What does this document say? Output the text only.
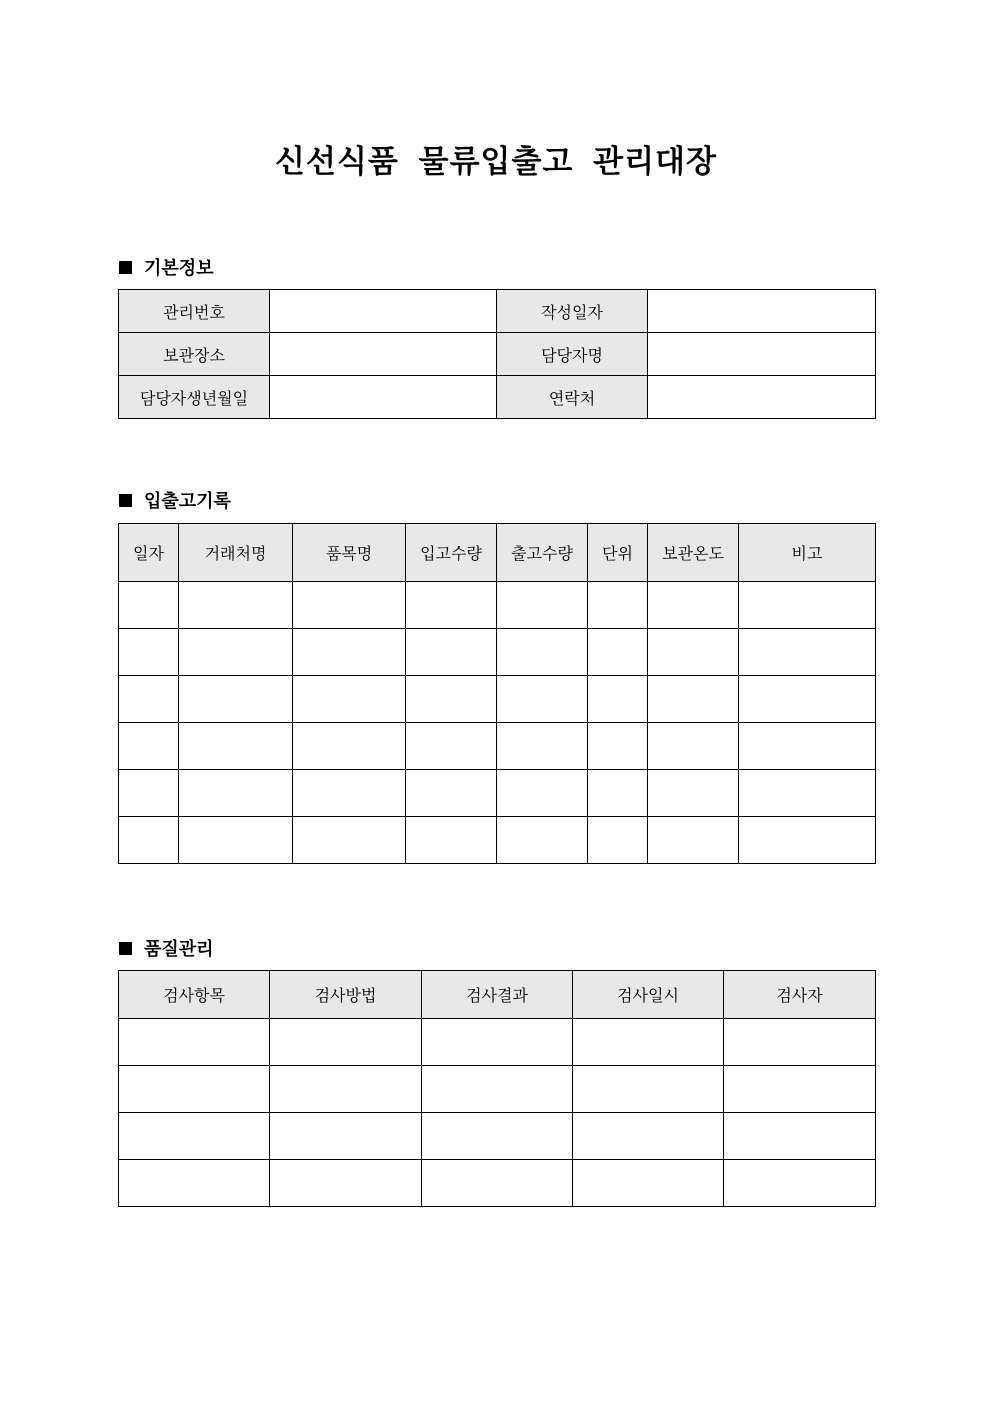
신선식품 물류입출고 관리대장
기본정보
관리번호		작성일자	
보관장소		담당자명	
담당자생년월일		연락처	
입출고기록
일자	거래처명	품목명	입고수량	출고수량	단위	보관온도	비고

품질관리
검사항목	검사방법	검사결과	검사일시	검사자
